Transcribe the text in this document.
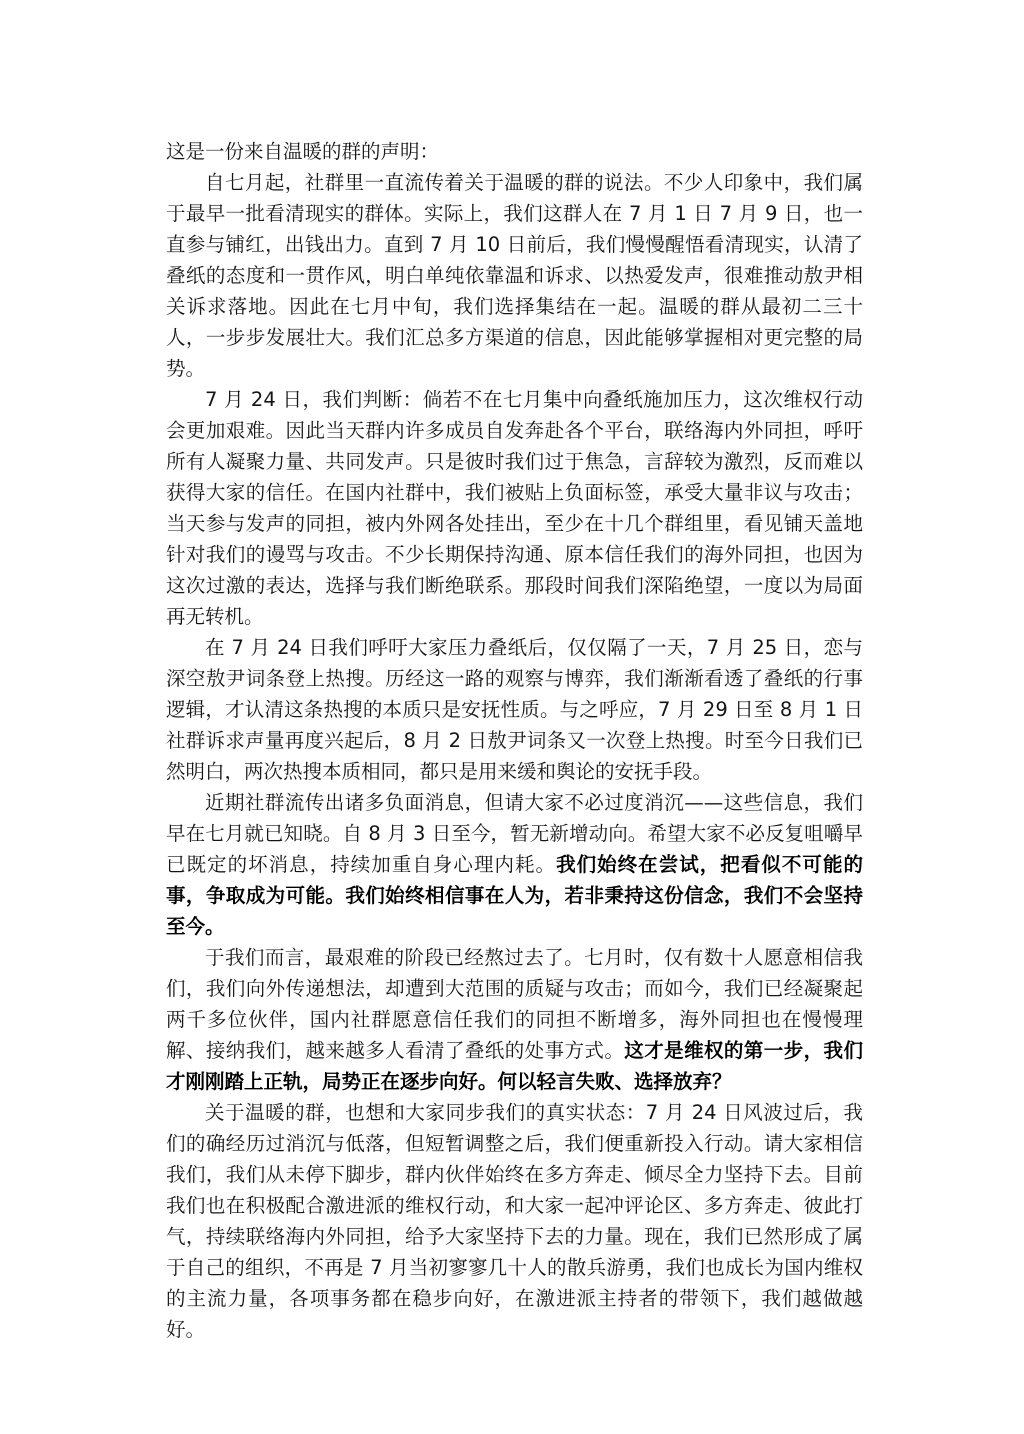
这是一份来自温暖的群的声明：

自七月起，社群里一直流传着关于温暖的群的说法。不少人印象中，我们属于最早一批看清现实的群体。实际上，我们这群人在 7 月 1 日 7 月 9 日，也一直参与铺红，出钱出力。直到 7 月 10 日前后，我们慢慢醒悟看清现实，认清了叠纸的态度和一贯作风，明白单纯依靠温和诉求、以热爱发声，很难推动敖尹相关诉求落地。因此在七月中旬，我们选择集结在一起。温暖的群从最初二三十人，一步步发展壮大。我们汇总多方渠道的信息，因此能够掌握相对更完整的局势。

7 月 24 日，我们判断：倘若不在七月集中向叠纸施加压力，这次维权行动会更加艰难。因此当天群内许多成员自发奔赴各个平台，联络海内外同担，呼吁所有人凝聚力量、共同发声。只是彼时我们过于焦急，言辞较为激烈，反而难以获得大家的信任。在国内社群中，我们被贴上负面标签，承受大量非议与攻击；当天参与发声的同担，被内外网各处挂出，至少在十几个群组里，看见铺天盖地针对我们的谩骂与攻击。不少长期保持沟通、原本信任我们的海外同担，也因为这次过激的表达，选择与我们断绝联系。那段时间我们深陷绝望，一度以为局面再无转机。

在 7 月 24 日我们呼吁大家压力叠纸后，仅仅隔了一天，7 月 25 日，恋与深空敖尹词条登上热搜。历经这一路的观察与博弈，我们渐渐看透了叠纸的行事逻辑，才认清这条热搜的本质只是安抚性质。与之呼应，7 月 29 日至 8 月 1 日社群诉求声量再度兴起后，8 月 2 日敖尹词条又一次登上热搜。时至今日我们已然明白，两次热搜本质相同，都只是用来缓和舆论的安抚手段。

近期社群流传出诸多负面消息，但请大家不必过度消沉——这些信息，我们早在七月就已知晓。自 8 月 3 日至今，暂无新增动向。希望大家不必反复咀嚼早已既定的坏消息，持续加重自身心理内耗。我们始终在尝试，把看似不可能的事，争取成为可能。我们始终相信事在人为，若非秉持这份信念，我们不会坚持至今。

于我们而言，最艰难的阶段已经熬过去了。七月时，仅有数十人愿意相信我们，我们向外传递想法，却遭到大范围的质疑与攻击；而如今，我们已经凝聚起两千多位伙伴，国内社群愿意信任我们的同担不断增多，海外同担也在慢慢理解、接纳我们，越来越多人看清了叠纸的处事方式。这才是维权的第一步，我们才刚刚踏上正轨，局势正在逐步向好。何以轻言失败、选择放弃？

关于温暖的群，也想和大家同步我们的真实状态：7 月 24 日风波过后，我们的确经历过消沉与低落，但短暂调整之后，我们便重新投入行动。请大家相信我们，我们从未停下脚步，群内伙伴始终在多方奔走、倾尽全力坚持下去。目前我们也在积极配合激进派的维权行动，和大家一起冲评论区、多方奔走、彼此打气，持续联络海内外同担，给予大家坚持下去的力量。现在，我们已然形成了属于自己的组织，不再是 7 月当初寥寥几十人的散兵游勇，我们也成长为国内维权的主流力量，各项事务都在稳步向好，在激进派主持者的带领下，我们越做越好。
